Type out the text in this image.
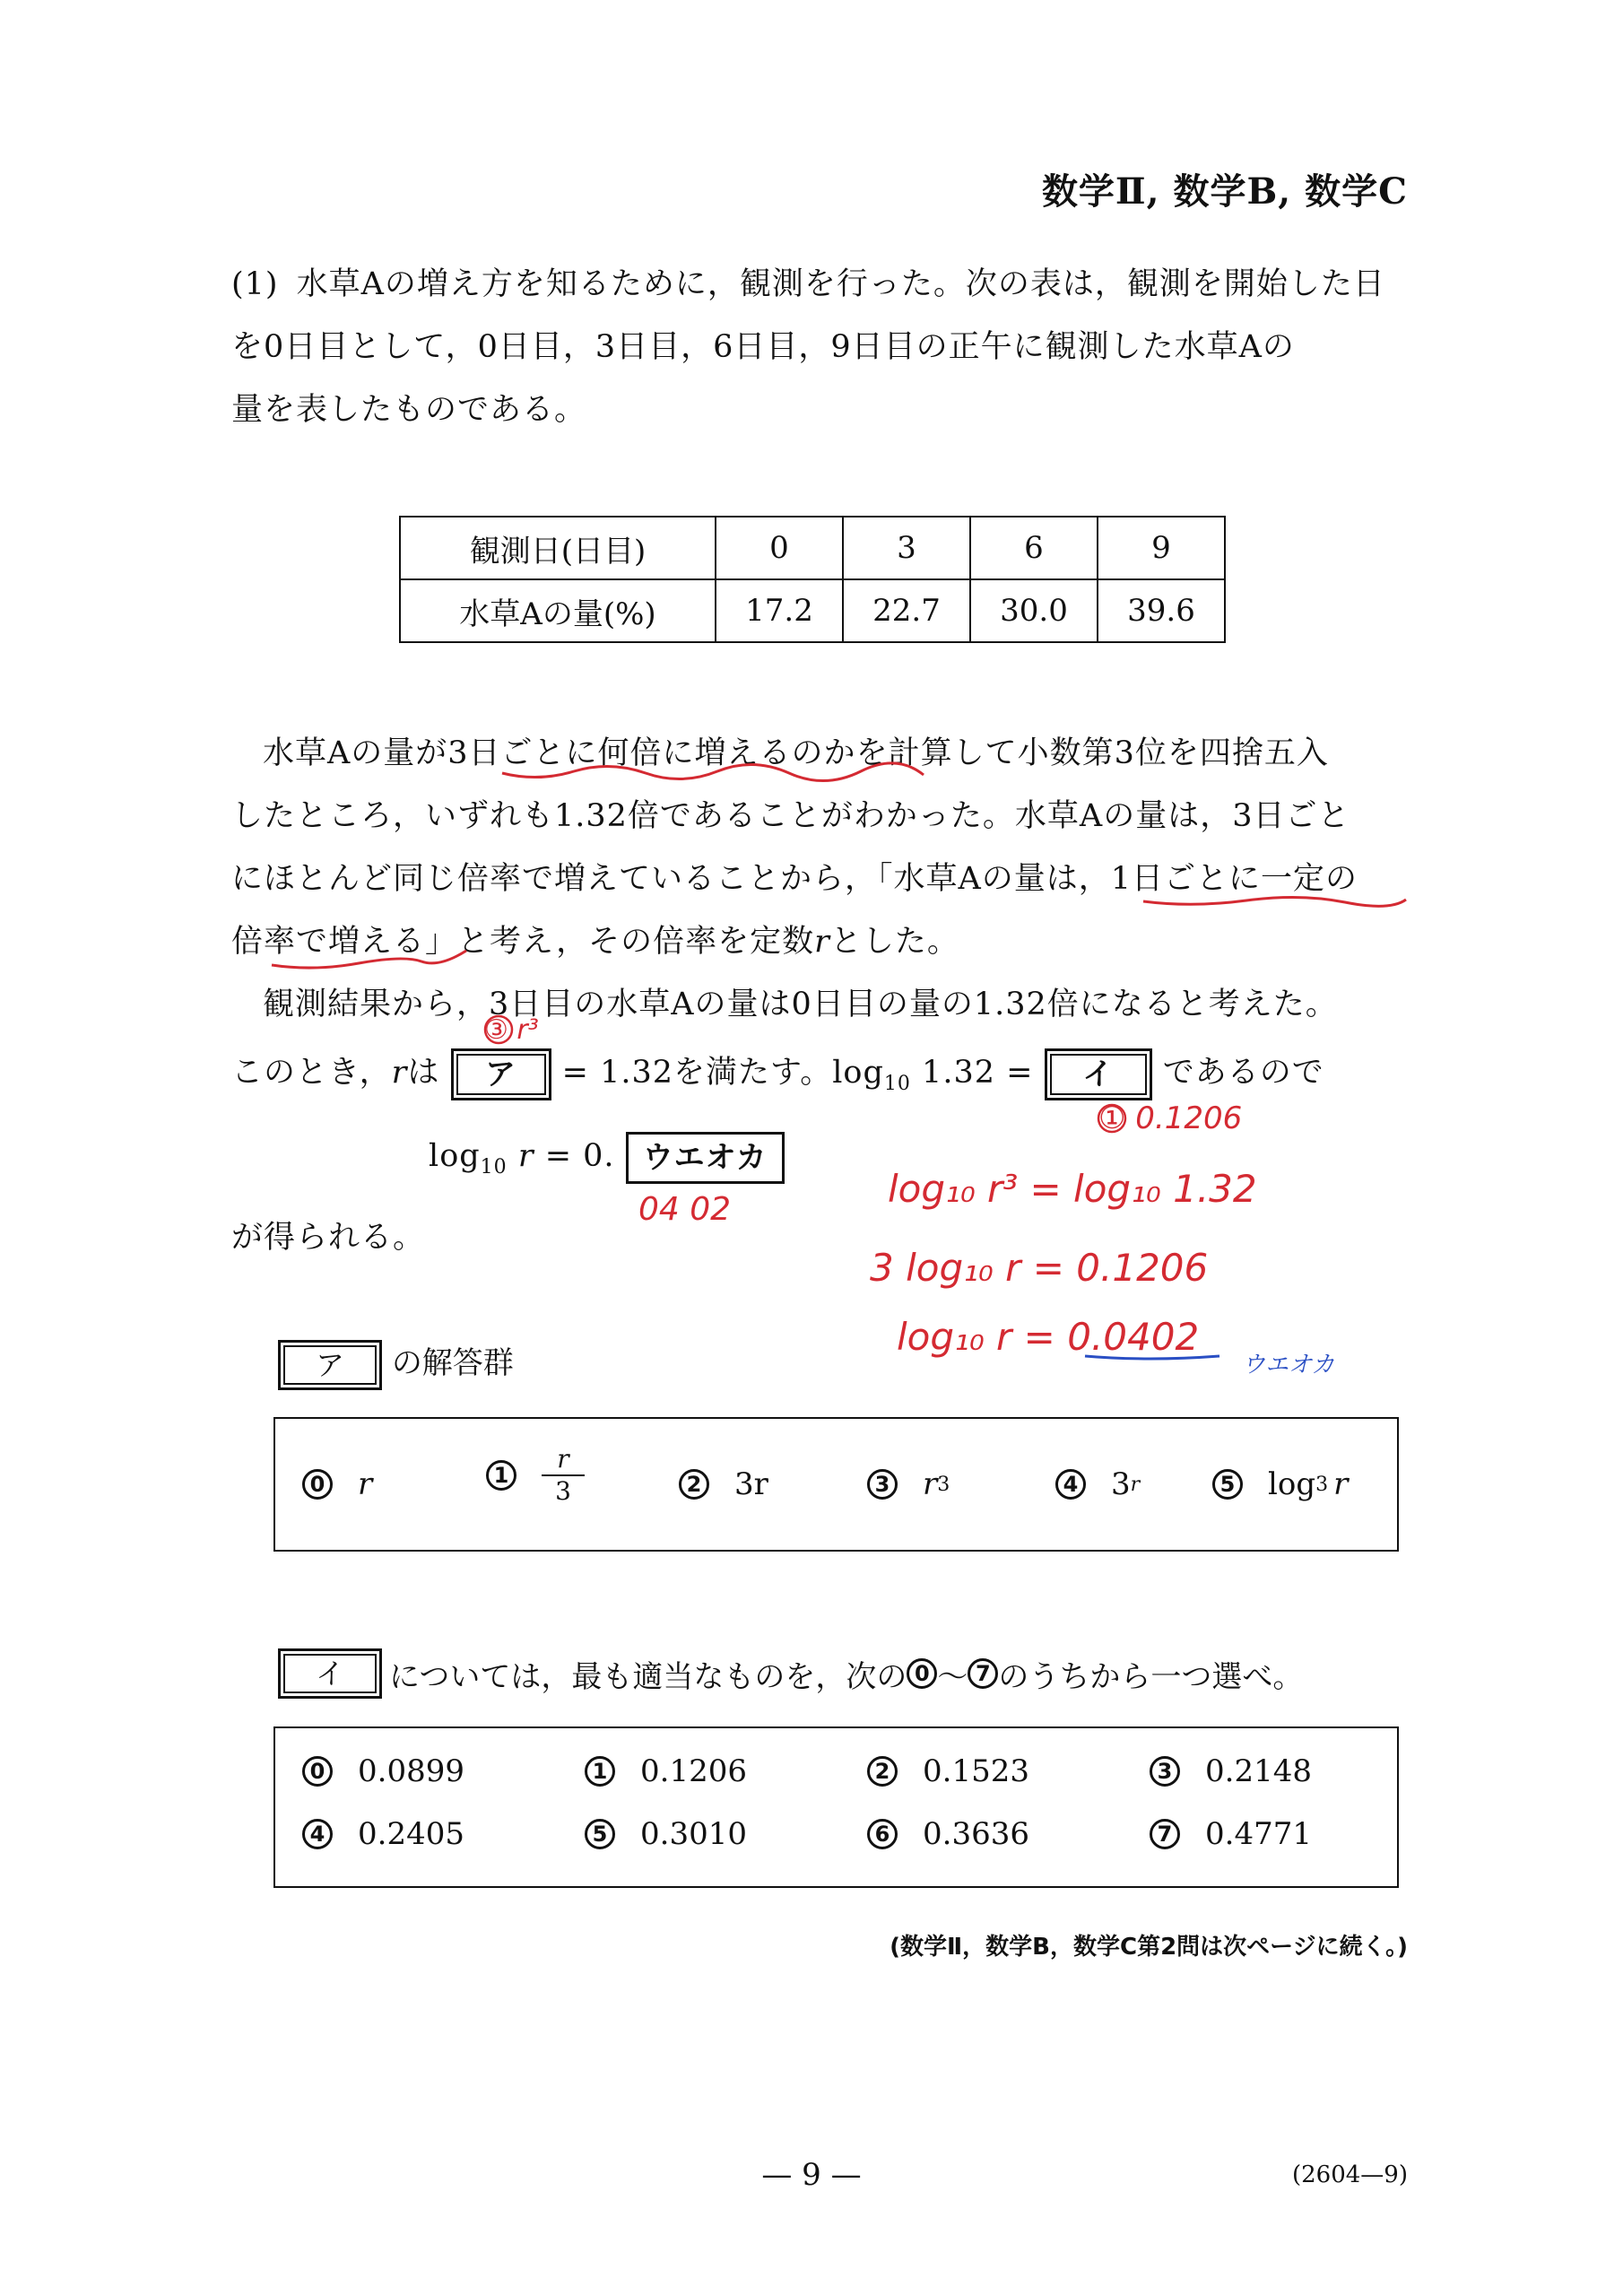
数学Ⅱ, 数学B, 数学C
(1) 水草Aの増え方を知るために，観測を行った。次の表は，観測を開始した日
を0日目として，0日目，3日目，6日目，9日目の正午に観測した水草Aの
量を表したものである。
観測日(日目)	0	3	6	9
水草Aの量(%)	17.2	22.7	30.0	39.6
水草Aの量が3日ごとに何倍に増えるのかを計算して小数第3位を四捨五入
したところ，いずれも1.32倍であることがわかった。水草Aの量は，3日ごと
にほとんど同じ倍率で増えていることから，「水草Aの量は，1日ごとに一定の
倍率で増える」と考え，その倍率を定数rとした。
観測結果から，3日目の水草Aの量は0日目の量の1.32倍になると考えた。
このとき，rは	ア	= 1.32を満たす。$\log_{10} 1.32$ =	イ	であるので
$\log_{10} r = 0$. ウエオカ
が得られる。
ア	の解答群
0 r	1	$\frac{r}{3}$	2 3r	3 r 3	4 3 r	5 log 3 r
イ	については，最も適当なものを，次の 0 ～ 7 のうちから一つ選べ。
0 0.0899	1 0.1206	2 0.1523	3 0.2148
4 0.2405	5 0.3010	6 0.3636	7 0.4771
(数学Ⅱ，数学B，数学C第2問は次ページに続く。)
— 9 —	(2604—9)
③ r³
① 0.1206
04 02	log₁₀ r³ = log₁₀ 1.32
3 log₁₀ r = 0.1206
log₁₀ r = 0.0402
ウエオカ
